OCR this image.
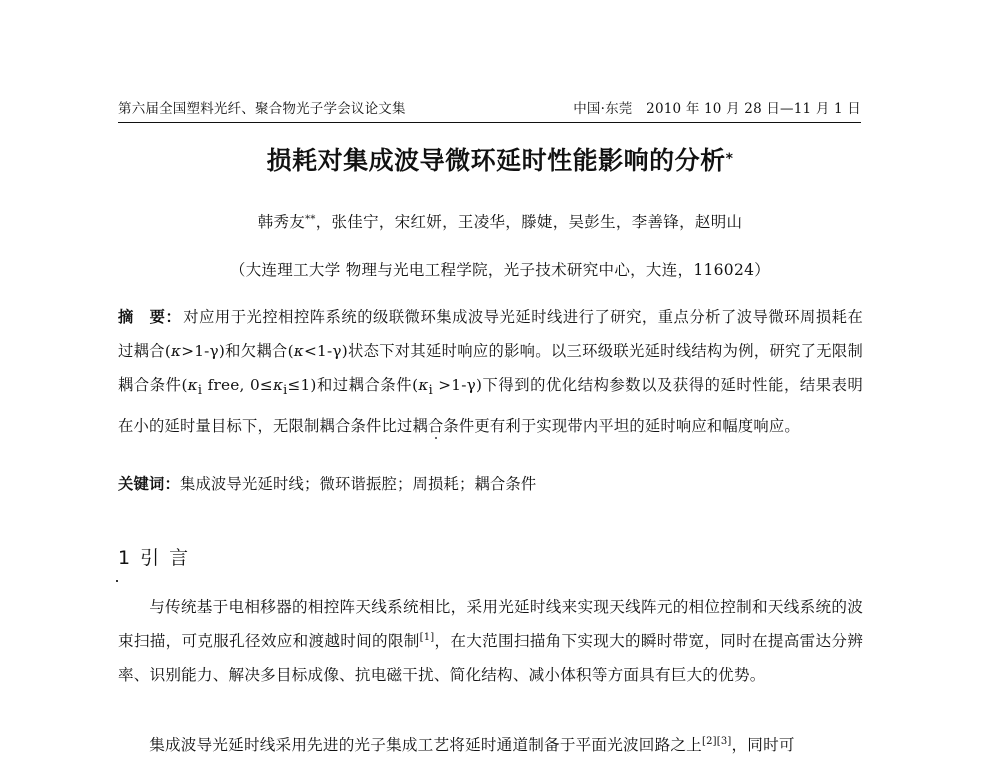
第六届全国塑料光纤、聚合物光子学会议论文集	中国·东莞　2010 年 10 月 28 日—11 月 1 日
损耗对集成波导微环延时性能影响的分析*
韩秀友**，张佳宁，宋红妍，王凌华，滕婕，吴彭生，李善锋，赵明山
（大连理工大学 物理与光电工程学院，光子技术研究中心，大连，116024）
摘　要： 对应用于光控相控阵系统的级联微环集成波导光延时线进行了研究，重点分析了波导微环周损耗在过耦合(κ>1-γ)和欠耦合(κ<1-γ)状态下对其延时响应的影响。以三环级联光延时线结构为例，研究了无限制耦合条件($\kappa_i$ free, $0\le\kappa_i\le 1$)和过耦合条件$(\kappa_i >1-\gamma)$下得到的优化结构参数以及获得的延时性能，结果表明在小的延时量目标下，无限制耦合条件比过耦合条件更有利于实现带内平坦的延时响应和幅度响应。
关键词：集成波导光延时线；微环谐振腔；周损耗；耦合条件
1 引 言
与传统基于电相移器的相控阵天线系统相比，采用光延时线来实现天线阵元的相位控制和天线系统的波束扫描，可克服孔径效应和渡越时间的限制[1]，在大范围扫描角下实现大的瞬时带宽，同时在提高雷达分辨率、识别能力、解决多目标成像、抗电磁干扰、简化结构、减小体积等方面具有巨大的优势。
集成波导光延时线采用先进的光子集成工艺将延时通道制备于平面光波回路之上[2][3]，同时可
